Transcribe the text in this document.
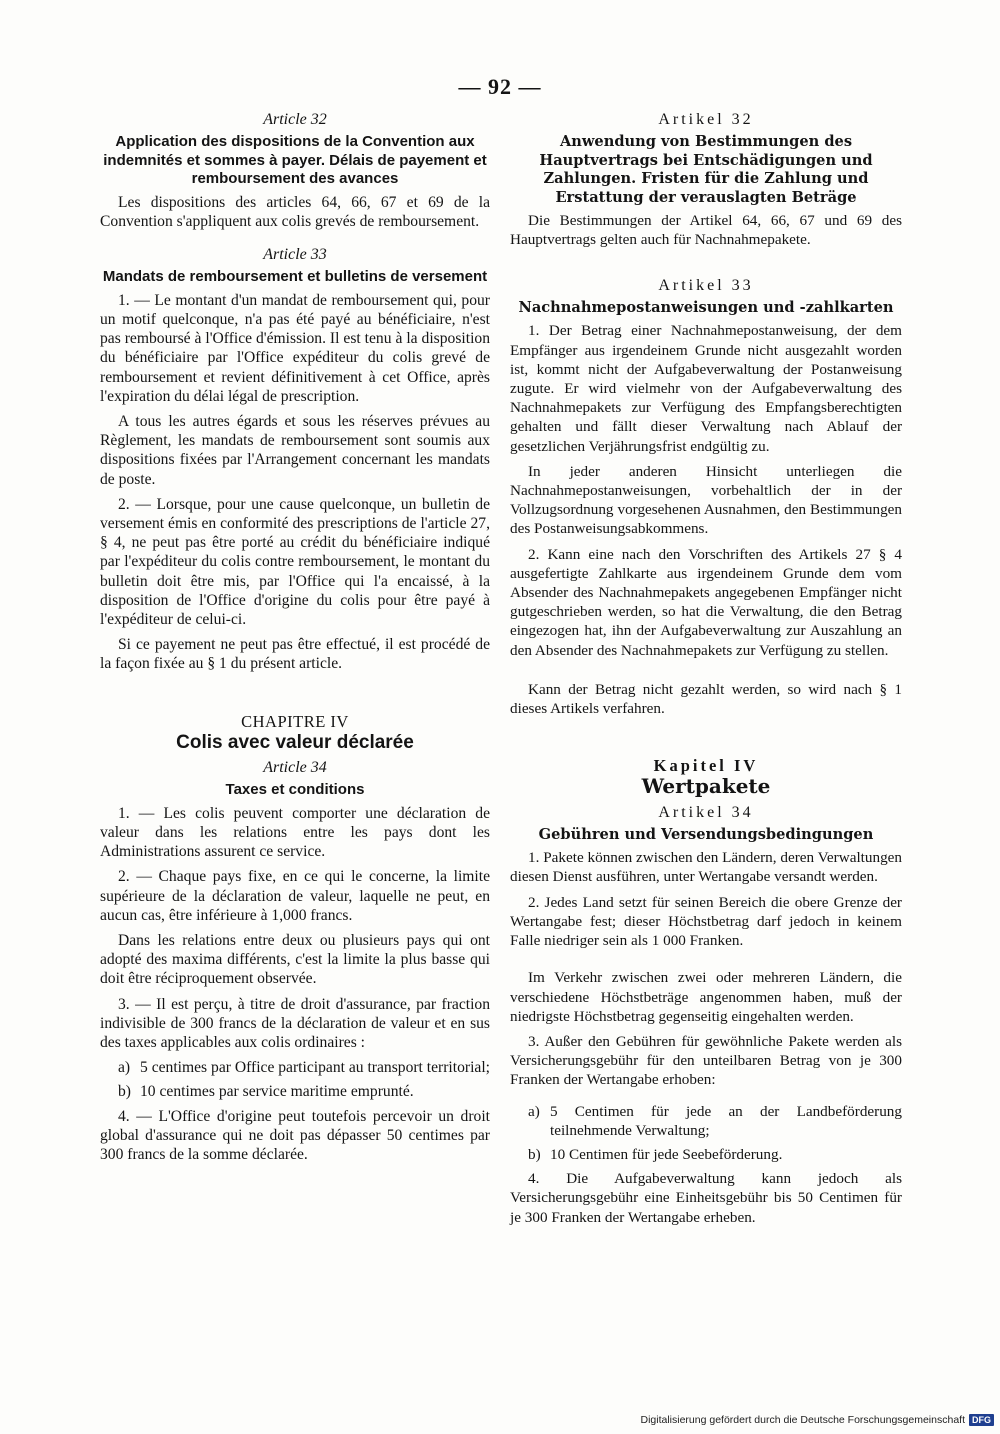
— 92 —
Article 32
Application des dispositions de la Convention aux indemnités et sommes à payer. Délais de payement et remboursement des avances

Les dispositions des articles 64, 66, 67 et 69 de la Convention s'appliquent aux colis grevés de remboursement.

Article 33
Mandats de remboursement et bulletins de versement

1. — Le montant d'un mandat de remboursement qui, pour un motif quelconque, n'a pas été payé au bénéficiaire, n'est pas remboursé à l'Office d'émission. Il est tenu à la disposition du bénéficiaire par l'Office expéditeur du colis grevé de remboursement et revient définitivement à cet Office, après l'expiration du délai légal de prescription.

A tous les autres égards et sous les réserves prévues au Règlement, les mandats de remboursement sont soumis aux dispositions fixées par l'Arrangement concernant les mandats de poste.

2. — Lorsque, pour une cause quelconque, un bulletin de versement émis en conformité des prescriptions de l'article 27, § 4, ne peut pas être porté au crédit du bénéficiaire indiqué par l'expéditeur du colis contre remboursement, le montant du bulletin doit être mis, par l'Office qui l'a encaissé, à la disposition de l'Office d'origine du colis pour être payé à l'expéditeur de celui-ci.

Si ce payement ne peut pas être effectué, il est procédé de la façon fixée au § 1 du présent article.

CHAPITRE IV
Colis avec valeur déclarée
Article 34
Taxes et conditions

1. — Les colis peuvent comporter une déclaration de valeur dans les relations entre les pays dont les Administrations assurent ce service.

2. — Chaque pays fixe, en ce qui le concerne, la limite supérieure de la déclaration de valeur, laquelle ne peut, en aucun cas, être inférieure à 1,000 francs.

Dans les relations entre deux ou plusieurs pays qui ont adopté des maxima différents, c'est la limite la plus basse qui doit être réciproquement observée.

3. — Il est perçu, à titre de droit d'assurance, par fraction indivisible de 300 francs de la déclaration de valeur et en sus des taxes applicables aux colis ordinaires :

a) 5 centimes par Office participant au transport territorial;
b) 10 centimes par service maritime emprunté.

4. — L'Office d'origine peut toutefois percevoir un droit global d'assurance qui ne doit pas dépasser 50 centimes par 300 francs de la somme déclarée.

Artikel 32
Anwendung von Bestimmungen des Hauptvertrags bei Entschädigungen und Zahlungen. Fristen für die Zahlung und Erstattung der verauslagten Beträge

Die Bestimmungen der Artikel 64, 66, 67 und 69 des Hauptvertrags gelten auch für Nachnahmepakete.

Artikel 33
Nachnahmepostanweisungen und -zahlkarten

1. Der Betrag einer Nachnahmepostanweisung, der dem Empfänger aus irgendeinem Grunde nicht ausgezahlt worden ist, kommt nicht der Aufgabeverwaltung der Postanweisung zugute. Er wird vielmehr von der Aufgabeverwaltung des Nachnahmepakets zur Verfügung des Empfangsberechtigten gehalten und fällt dieser Verwaltung nach Ablauf der gesetzlichen Verjährungsfrist endgültig zu.

In jeder anderen Hinsicht unterliegen die Nachnahmepostanweisungen, vorbehaltlich der in der Vollzugsordnung vorgesehenen Ausnahmen, den Bestimmungen des Postanweisungsabkommens.

2. Kann eine nach den Vorschriften des Artikels 27 § 4 ausgefertigte Zahlkarte aus irgendeinem Grunde dem vom Absender des Nachnahmepakets angegebenen Empfänger nicht gutgeschrieben werden, so hat die Verwaltung, die den Betrag eingezogen hat, ihn der Aufgabeverwaltung zur Auszahlung an den Absender des Nachnahmepakets zur Verfügung zu stellen.

Kann der Betrag nicht gezahlt werden, so wird nach § 1 dieses Artikels verfahren.

Kapitel IV
Wertpakete
Artikel 34
Gebühren und Versendungsbedingungen

1. Pakete können zwischen den Ländern, deren Verwaltungen diesen Dienst ausführen, unter Wertangabe versandt werden.

2. Jedes Land setzt für seinen Bereich die obere Grenze der Wertangabe fest; dieser Höchstbetrag darf jedoch in keinem Falle niedriger sein als 1 000 Franken.

Im Verkehr zwischen zwei oder mehreren Ländern, die verschiedene Höchstbeträge angenommen haben, muß der niedrigste Höchstbetrag gegenseitig eingehalten werden.

3. Außer den Gebühren für gewöhnliche Pakete werden als Versicherungsgebühr für den unteilbaren Betrag von je 300 Franken der Wertangabe erhoben:

a) 5 Centimen für jede an der Landbeförderung teilnehmende Verwaltung;
b) 10 Centimen für jede Seebeförderung.

4. Die Aufgabeverwaltung kann jedoch als Versicherungsgebühr eine Einheitsgebühr bis 50 Centimen für je 300 Franken der Wertangabe erheben.

Digitalisierung gefördert durch die Deutsche Forschungsgemeinschaft DFG
